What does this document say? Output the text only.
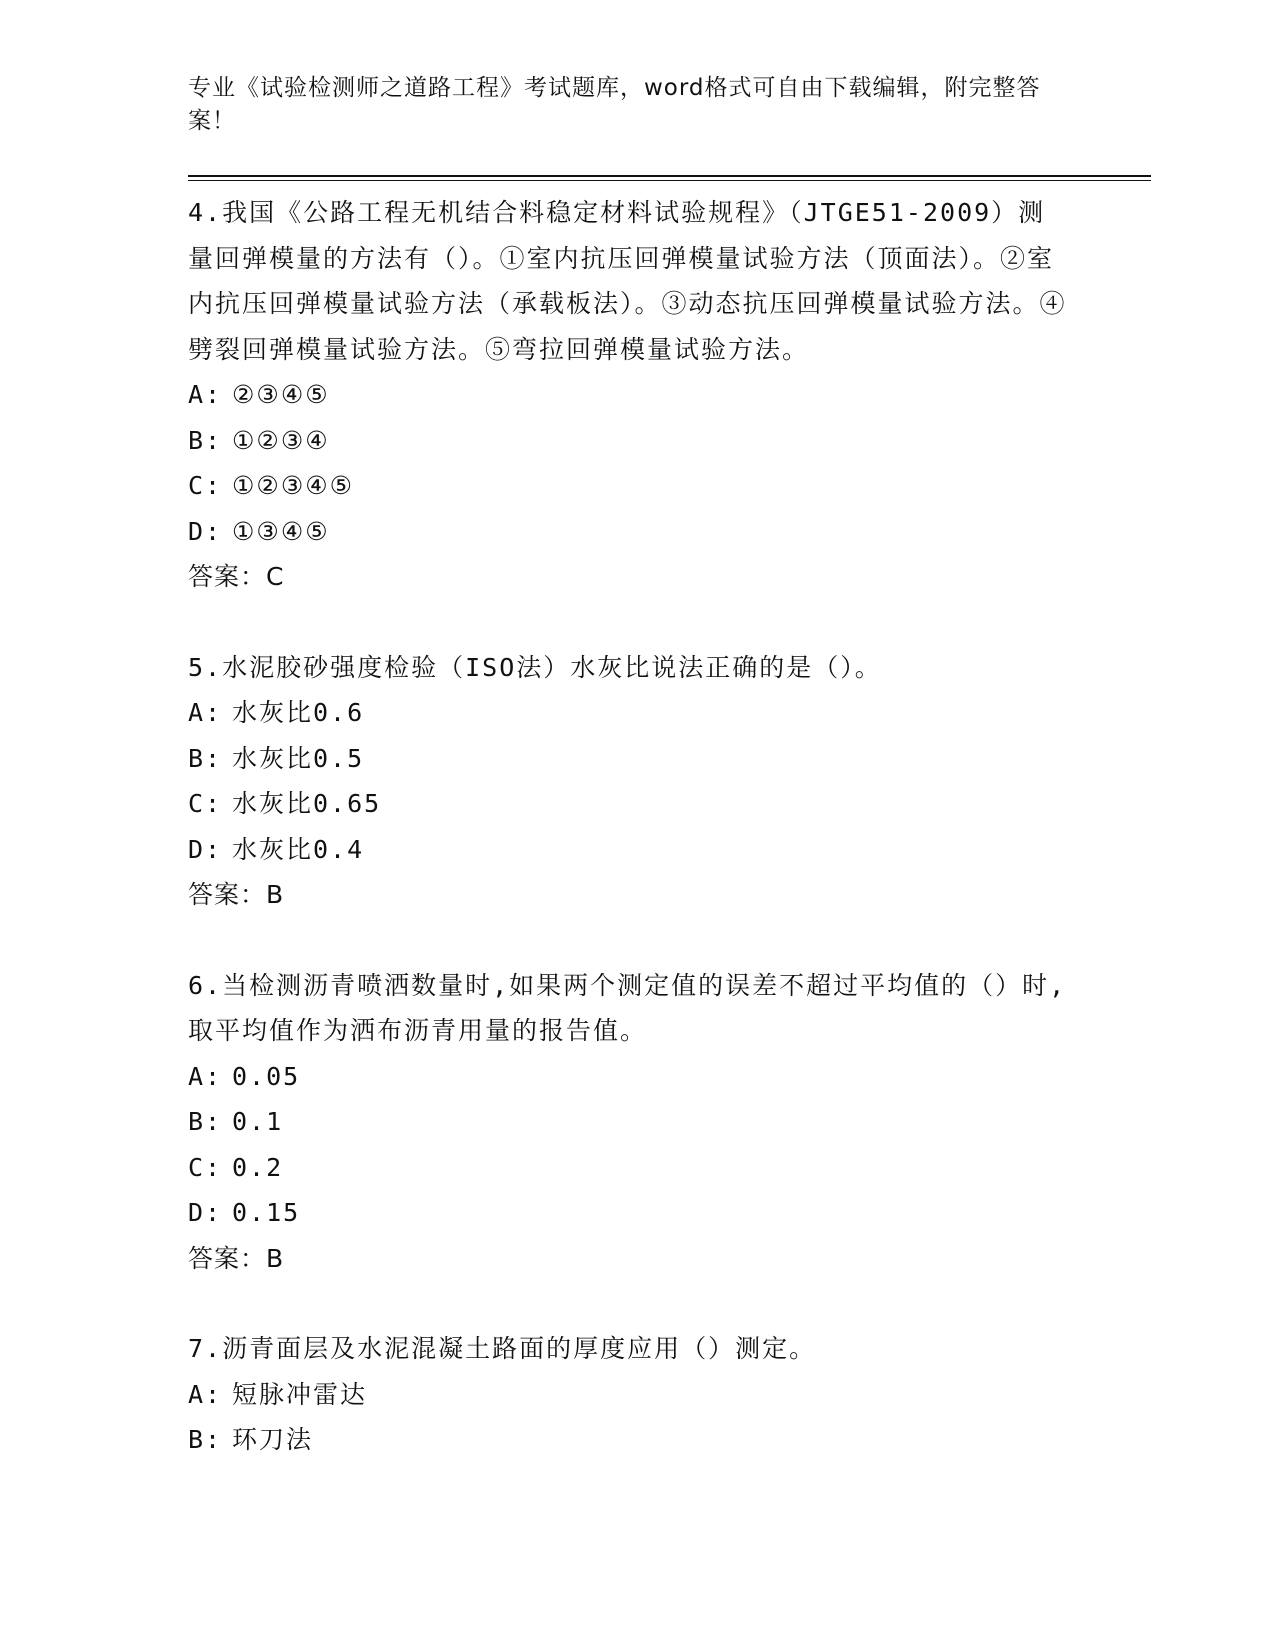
专业《试验检测师之道路工程》考试题库，word格式可自由下载编辑，附完整答案！
4.我国《公路工程无机结合料稳定材料试验规程》（JTGE51-2009）测量回弹模量的方法有（）。①室内抗压回弹模量试验方法（顶面法）。②室内抗压回弹模量试验方法（承载板法）。③动态抗压回弹模量试验方法。④劈裂回弹模量试验方法。⑤弯拉回弹模量试验方法。
A: ②③④⑤
B: ①②③④
C: ①②③④⑤
D: ①③④⑤
答案：C
5.水泥胶砂强度检验（ISO法）水灰比说法正确的是（）。
A: 水灰比0.6
B: 水灰比0.5
C: 水灰比0.65
D: 水灰比0.4
答案：B
6.当检测沥青喷洒数量时,如果两个测定值的误差不超过平均值的（）时,取平均值作为洒布沥青用量的报告值。
A: 0.05
B: 0.1
C: 0.2
D: 0.15
答案：B
7.沥青面层及水泥混凝土路面的厚度应用（）测定。
A: 短脉冲雷达
B: 环刀法
